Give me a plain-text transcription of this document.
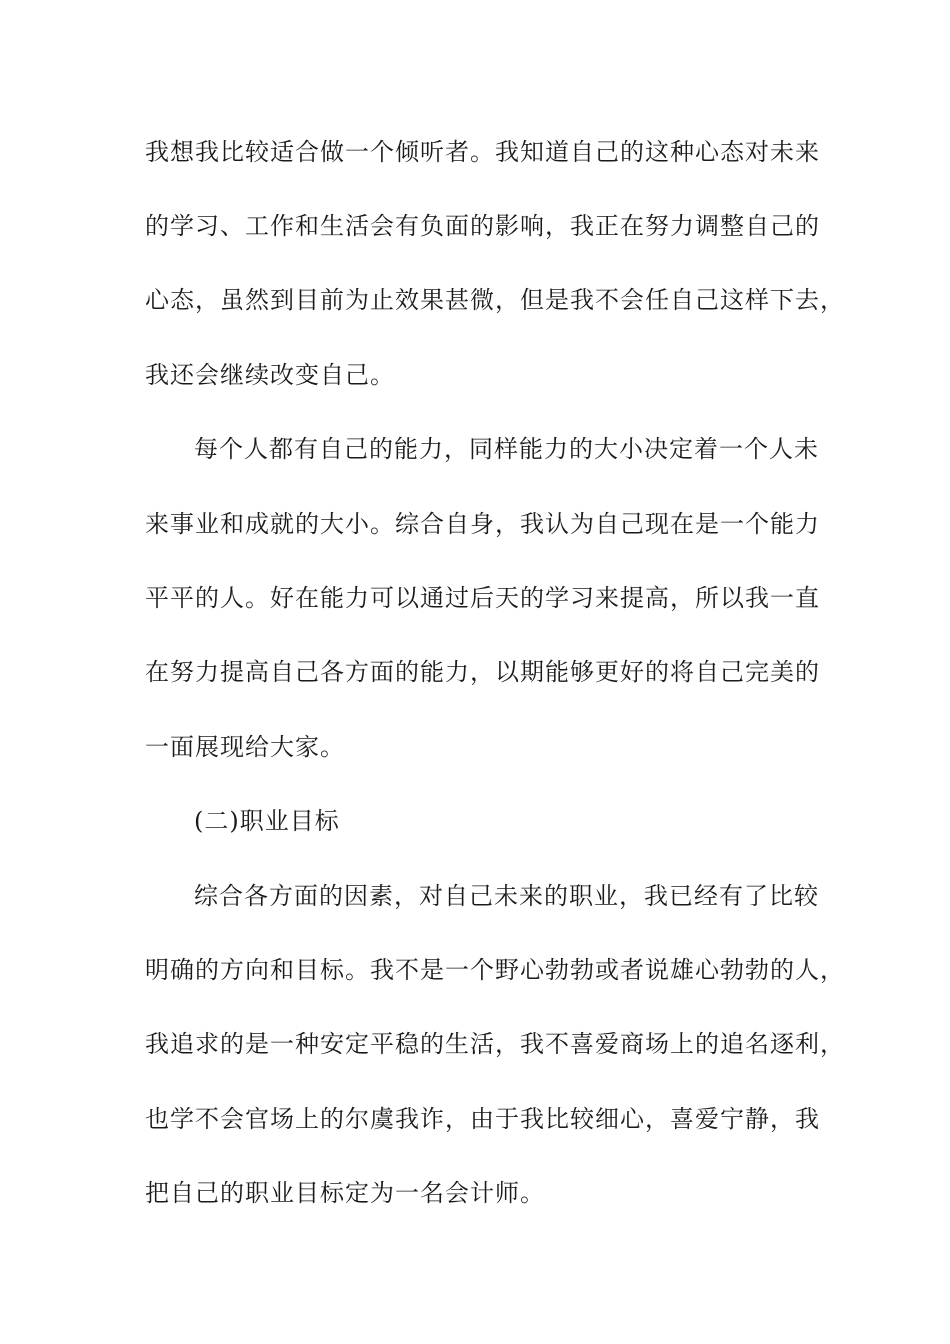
我想我比较适合做一个倾听者。我知道自己的这种心态对未来
的学习、工作和生活会有负面的影响，我正在努力调整自己的
心态，虽然到目前为止效果甚微，但是我不会任自己这样下去，
我还会继续改变自己。
每个人都有自己的能力，同样能力的大小决定着一个人未
来事业和成就的大小。综合自身，我认为自己现在是一个能力
平平的人。好在能力可以通过后天的学习来提高，所以我一直
在努力提高自己各方面的能力，以期能够更好的将自己完美的
一面展现给大家。
(二)职业目标
综合各方面的因素，对自己未来的职业，我已经有了比较
明确的方向和目标。我不是一个野心勃勃或者说雄心勃勃的人，
我追求的是一种安定平稳的生活，我不喜爱商场上的追名逐利，
也学不会官场上的尔虞我诈，由于我比较细心，喜爱宁静，我
把自己的职业目标定为一名会计师。
